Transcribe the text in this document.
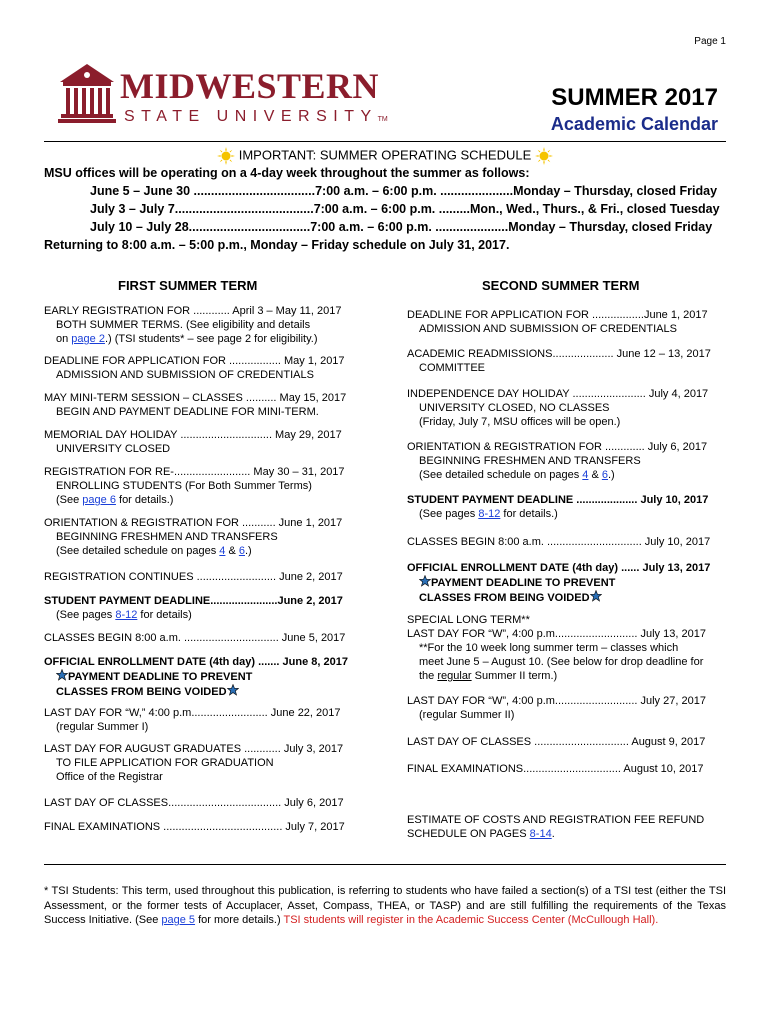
Page 1
MIDWESTERN
STATE UNIVERSITYTM
SUMMER 2017
Academic Calendar
IMPORTANT: SUMMER OPERATING SCHEDULE
MSU offices will be operating on a 4-day week throughout the summer as follows:
June 5 – June 30 ...................................7:00 a.m. – 6:00 p.m. .....................Monday – Thursday, closed Friday
July 3 – July 7........................................7:00 a.m. – 6:00 p.m. .........Mon., Wed., Thurs., & Fri., closed Tuesday
July 10 – July 28...................................7:00 a.m. – 6:00 p.m. .....................Monday – Thursday, closed Friday
Returning to 8:00 a.m. – 5:00 p.m., Monday – Friday schedule on July 31, 2017.
FIRST SUMMER TERM
EARLY REGISTRATION FOR ............ April 3 – May 11, 2017
BOTH SUMMER TERMS. (See eligibility and details
on page 2.) (TSI students* – see page 2 for eligibility.)
DEADLINE FOR APPLICATION FOR ................. May 1, 2017
ADMISSION AND SUBMISSION OF CREDENTIALS
MAY MINI-TERM SESSION – CLASSES .......... May 15, 2017
BEGIN AND PAYMENT DEADLINE FOR MINI-TERM.
MEMORIAL DAY HOLIDAY .............................. May 29, 2017
UNIVERSITY CLOSED
REGISTRATION FOR RE-......................... May 30 – 31, 2017
ENROLLING STUDENTS (For Both Summer Terms)
(See page 6 for details.)
ORIENTATION & REGISTRATION FOR ........... June 1, 2017
BEGINNING FRESHMEN AND TRANSFERS
(See detailed schedule on pages 4 & 6.)
REGISTRATION CONTINUES .......................... June 2, 2017
STUDENT PAYMENT DEADLINE......................June 2, 2017
(See pages 8-12 for details)
CLASSES BEGIN 8:00 a.m. ............................... June 5, 2017
OFFICIAL ENROLLMENT DATE (4th day) ....... June 8, 2017
PAYMENT DEADLINE TO PREVENT
CLASSES FROM BEING VOIDED
LAST DAY FOR “W,” 4:00 p.m......................... June 22, 2017
(regular Summer I)
LAST DAY FOR AUGUST GRADUATES ............ July 3, 2017
TO FILE APPLICATION FOR GRADUATION
Office of the Registrar
LAST DAY OF CLASSES..................................... July 6, 2017
FINAL EXAMINATIONS ....................................... July 7, 2017
SECOND SUMMER TERM
DEADLINE FOR APPLICATION FOR .................June 1, 2017
ADMISSION AND SUBMISSION OF CREDENTIALS
ACADEMIC READMISSIONS.................... June 12 – 13, 2017
COMMITTEE
INDEPENDENCE DAY HOLIDAY ........................ July 4, 2017
UNIVERSITY CLOSED, NO CLASSES
(Friday, July 7, MSU offices will be open.)
ORIENTATION & REGISTRATION FOR ............. July 6, 2017
BEGINNING FRESHMEN AND TRANSFERS
(See detailed schedule on pages 4 & 6.)
STUDENT PAYMENT DEADLINE .................... July 10, 2017
(See pages 8-12 for details.)
CLASSES BEGIN 8:00 a.m. ............................... July 10, 2017
OFFICIAL ENROLLMENT DATE (4th day) ...... July 13, 2017
PAYMENT DEADLINE TO PREVENT
CLASSES FROM BEING VOIDED
SPECIAL LONG TERM**
LAST DAY FOR “W”, 4:00 p.m........................... July 13, 2017
**For the 10 week long summer term – classes which
meet June 5 – August 10. (See below for drop deadline for
the regular Summer II term.)
LAST DAY FOR “W”, 4:00 p.m........................... July 27, 2017
(regular Summer II)
LAST DAY OF CLASSES ............................... August 9, 2017
FINAL EXAMINATIONS................................ August 10, 2017
ESTIMATE OF COSTS AND REGISTRATION FEE REFUND
SCHEDULE ON PAGES 8-14.
* TSI Students: This term, used throughout this publication, is referring to students who have failed a section(s) of a TSI test (either the TSI Assessment, or the former tests of Accuplacer, Asset, Compass, THEA, or TASP) and are still fulfilling the requirements of the Texas Success Initiative. (See page 5 for more details.) TSI students will register in the Academic Success Center (McCullough Hall).
